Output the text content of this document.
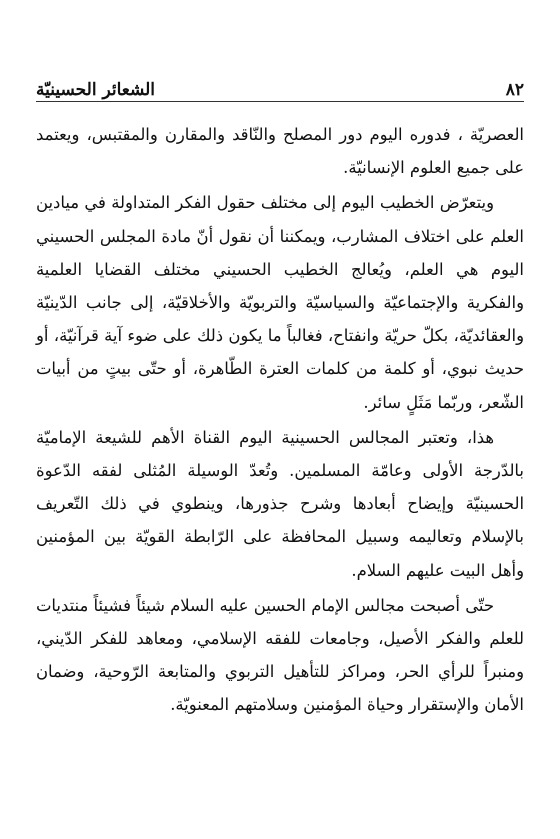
٨٢
الشعائر الحسينيّة

العصريّة ، فدوره اليوم دور المصلح والنّاقد والمقارن والمقتبس، ويعتمد على جميع العلوم الإنسانيّة.

ويتعرّض الخطيب اليوم إلى مختلف حقول الفكر المتداولة في ميادين العلم على اختلاف المشارب، ويمكننا أن نقول أنّ مادة المجلس الحسيني اليوم هي العلم، ويُعالج الخطيب الحسيني مختلف القضايا العلمية والفكرية والإجتماعيّة والسياسيّة والتربويّة والأخلاقيّة، إلى جانب الدّينيّة والعقائديّة، بكلّ حريّة وانفتاح، فغالباً ما يكون ذلك على ضوء آية قرآنيّة، أو حديث نبوي، أو كلمة من كلمات العترة الطّاهرة، أو حتّى بيتٍ من أبيات الشّعر، وربّما مَثَلٍ سائر.

هذا، وتعتبر المجالس الحسينية اليوم القناة الأهم للشيعة الإماميّة بالدّرجة الأولى وعامّة المسلمين. وتُعدّ الوسيلة المُثلى لفقه الدّعوة الحسينيّة وإيضاح أبعادها وشرح جذورها، وينطوي في ذلك التّعريف بالإسلام وتعاليمه وسبيل المحافظة على الرّابطة القويّة بين المؤمنين وأهل البيت عليهم السلام.

حتّى أصبحت مجالس الإمام الحسين عليه السلام شيئاً فشيئاً منتديات للعلم والفكر الأصيل، وجامعات للفقه الإسلامي، ومعاهد للفكر الدّيني، ومنبراً للرأي الحر، ومراكز للتأهيل التربوي والمتابعة الرّوحية، وضمان الأمان والإستقرار وحياة المؤمنين وسلامتهم المعنويّة.
